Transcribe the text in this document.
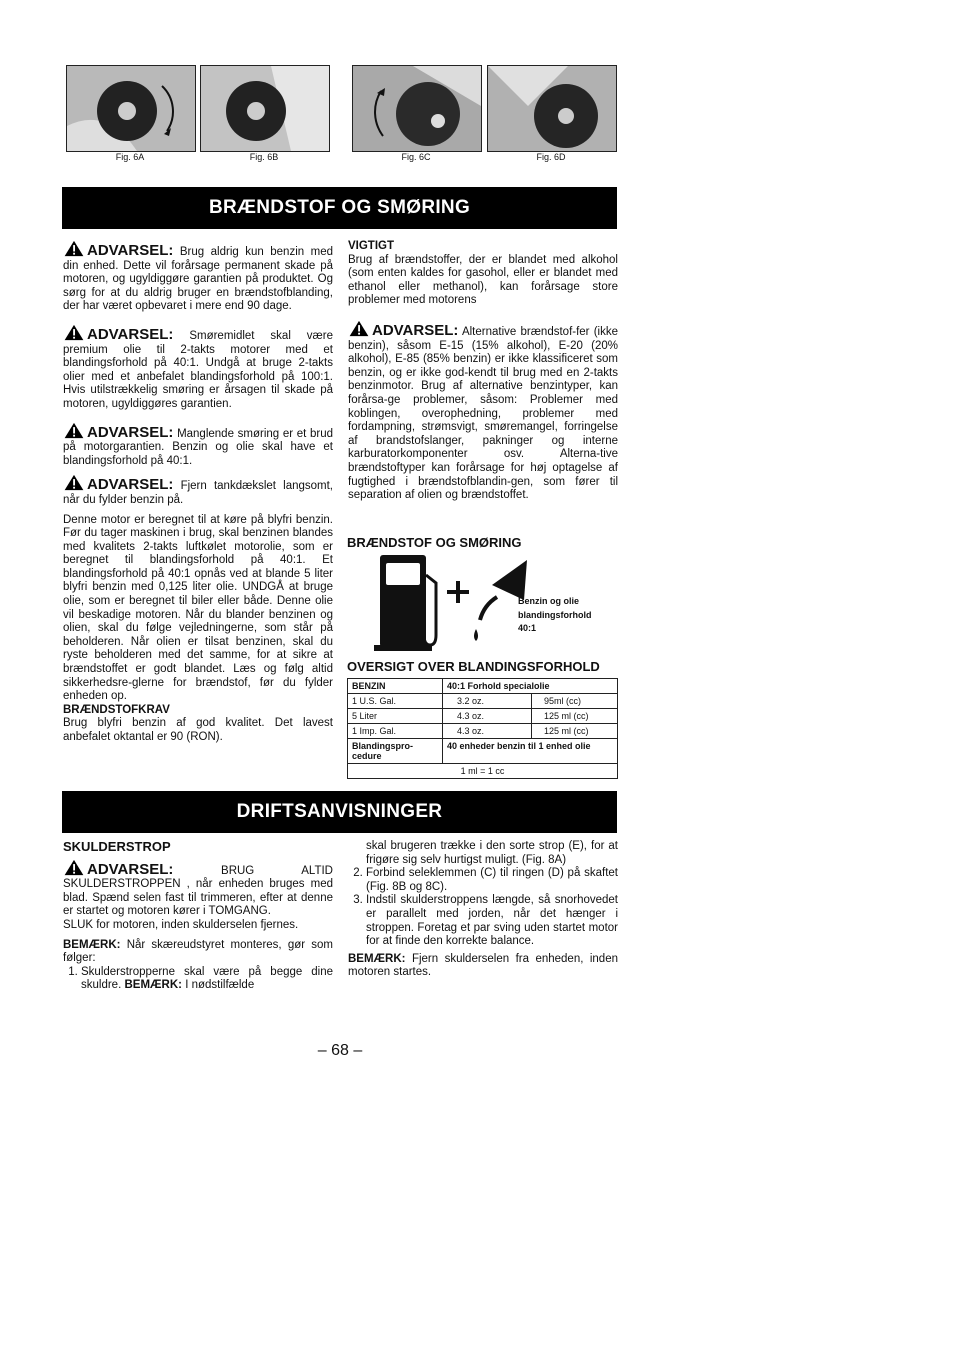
Fig. 6A	Fig. 6B	Fig. 6C	Fig. 6D
BRÆNDSTOF OG SMØRING

ADVARSEL: Brug aldrig kun benzin med din enhed. Dette vil forårsage permanent skade på motoren, og ugyldiggøre garantien på produktet. Og sørg for at du aldrig bruger en brændstofblanding, der har været opbevaret i mere end 90 dage.

ADVARSEL: Smøremidlet skal være premium olie til 2-takts motorer med et blandingsforhold på 40:1. Undgå at bruge 2-takts olier med et anbefalet blandingsforhold på 100:1. Hvis utilstrækkelig smøring er årsagen til skade på motoren, ugyldiggøres garantien.

ADVARSEL: Manglende smøring er et brud på motorgarantien. Benzin og olie skal have et blandingsforhold på 40:1.

ADVARSEL: Fjern tankdækslet langsomt, når du fylder benzin på.

Denne motor er beregnet til at køre på blyfri benzin. Før du tager maskinen i brug, skal benzinen blandes med kvalitets 2-takts luftkølet motorolie, som er beregnet til blandingsforhold på 40:1. Et blandingsforhold på 40:1 opnås ved at blande 5 liter blyfri benzin med 0,125 liter olie. UNDGÅ at bruge olie, som er beregnet til biler eller både. Denne olie vil beskadige motoren. Når du blander benzinen og olien, skal du følge vejledningerne, som står på beholderen. Når olien er tilsat benzinen, skal du ryste beholderen med det samme, for at sikre at brændstoffet er godt blandet. Læs og følg altid sikkerhedsre-glerne for brændstof, før du fylder enheden op.

BRÆNDSTOFKRAV

Brug blyfri benzin af god kvalitet. Det lavest anbefalet oktantal er 90 (RON).

VIGTIGT

Brug af brændstoffer, der er blandet med alkohol (som enten kaldes for gasohol, eller er blandet med ethanol eller methanol), kan forårsage store problemer med motorens

ADVARSEL: Alternative brændstof-fer (ikke benzin), såsom E-15 (15% alkohol), E-20 (20% alkohol), E-85 (85% benzin) er ikke klassificeret som benzin, og er ikke god-kendt til brug med en 2-takts benzinmotor. Brug af alternative benzintyper, kan forårsa-ge problemer, såsom: Problemer med koblingen, overophedning, problemer med fordampning, strømsvigt, smøremangel, forringelse af brandstofslanger, pakninger og interne karburatorkomponenter osv. Alterna-tive brændstoftyper kan forårsage for høj optagelse af fugtighed i brændstofblandin-gen, som fører til separation af olien og brændstoffet.

BRÆNDSTOF OG SMØRING
Benzin og olie
blandingsforhold
40:1
OVERSIGT OVER BLANDINGSFORHOLD
BENZIN	40:1 Forhold specialolie	
1 U.S. Gal.	3.2 oz.	95ml (cc)
5 Liter	4.3 oz.	125 ml (cc)
1 Imp. Gal.	4.3 oz.	125 ml (cc)
Blandingspro-cedure	40 enheder benzin til 1 enhed olie	
1 ml = 1 cc		
DRIFTSANVISNINGER
SKULDERSTROP

ADVARSEL:	BRUG ALTID SKULDERSTROPPEN , når enheden bruges med blad. Spænd selen fast til trimmeren, efter at denne er startet og motoren kører i TOMGANG.

SLUK for motoren, inden skulderselen fjernes.

BEMÆRK: Når skæreudstyret monteres, gør som følger:

1. Skulderstropperne skal være på begge dine skuldre. BEMÆRK: I nødstilfælde

skal brugeren trække i den sorte strop (E), for at frigøre sig selv hurtigst muligt. (Fig. 8A)

2. Forbind seleklemmen (C) til ringen (D) på skaftet (Fig. 8B og 8C).
3. Indstil skulderstroppens længde, så snorhovedet er parallelt med jorden, når det hænger i stroppen. Foretag et par sving uden startet motor for at finde den korrekte balance.

BEMÆRK: Fjern skulderselen fra enheden, inden motoren startes.

– 68 –
